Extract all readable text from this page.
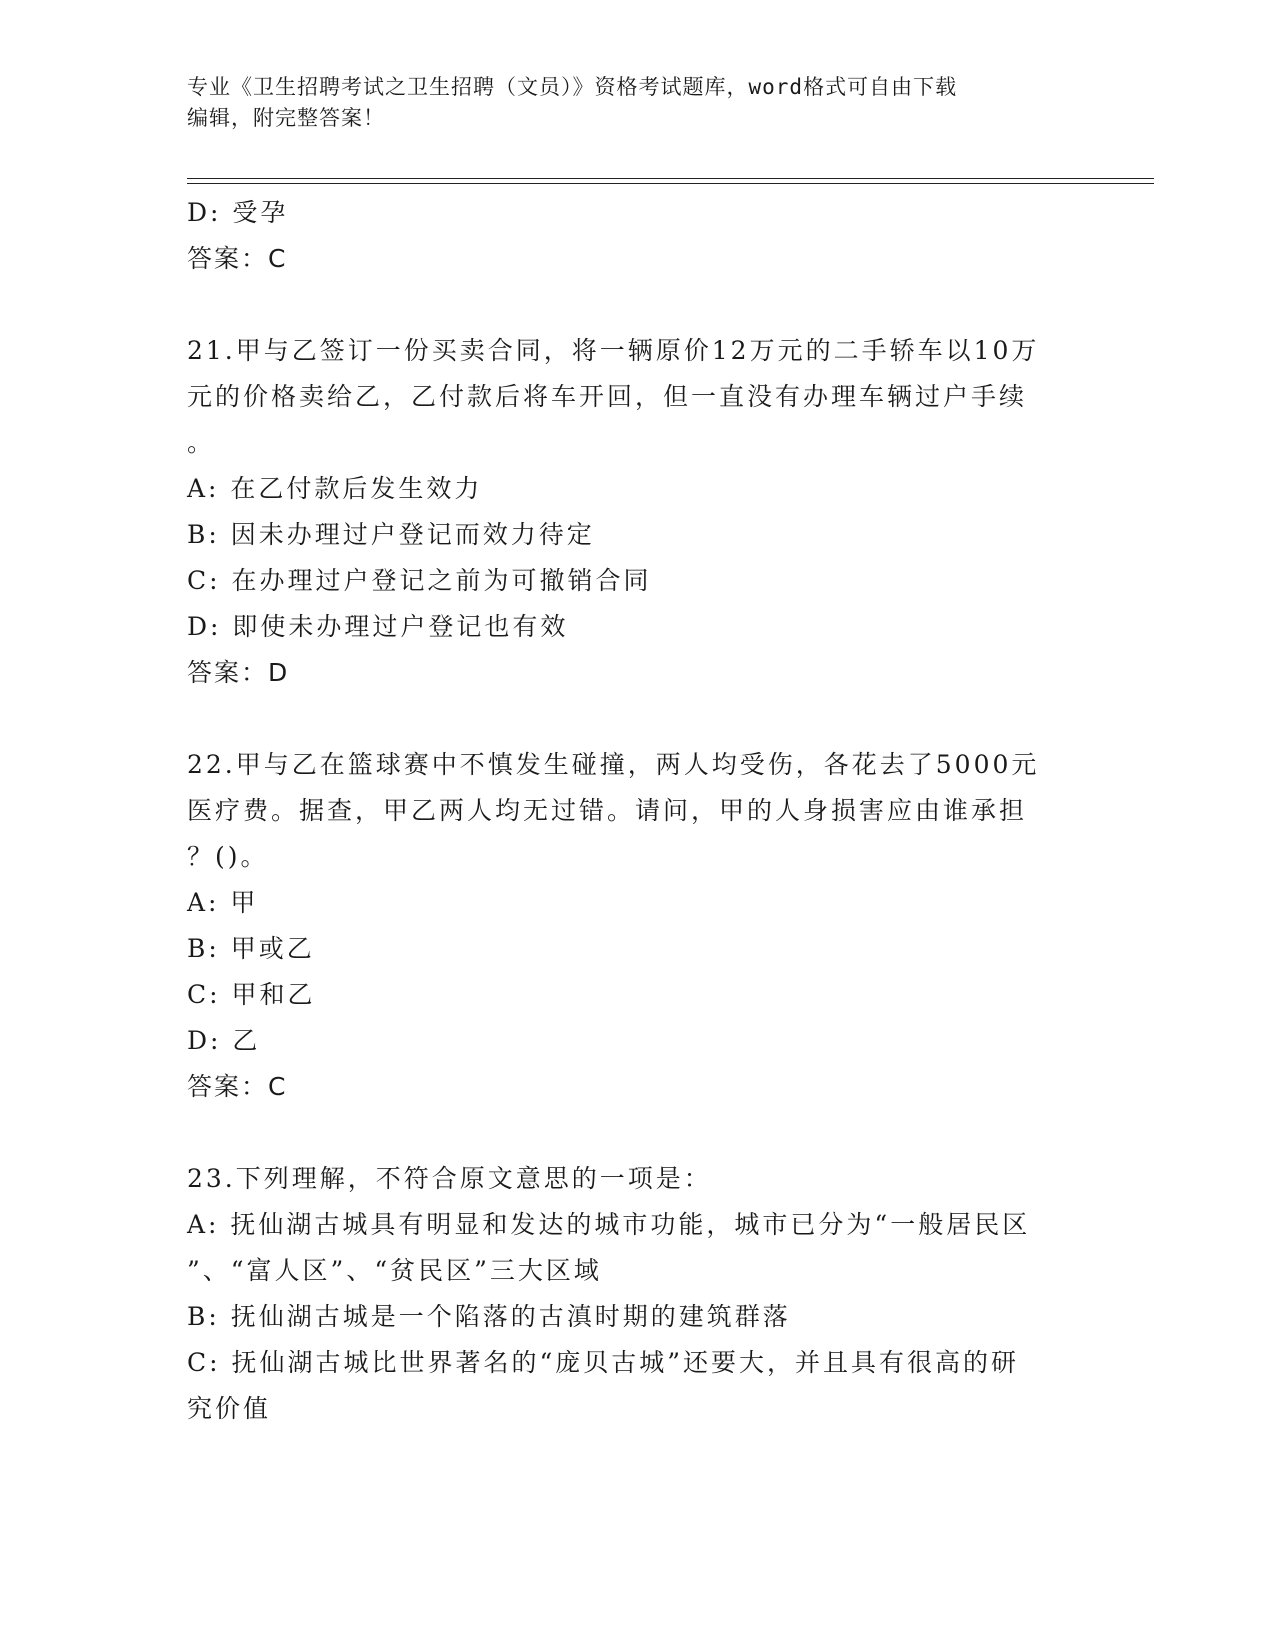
专业《卫生招聘考试之卫生招聘（文员）》资格考试题库，word格式可自由下载
编辑，附完整答案！
D: 受孕
答案：C
21.甲与乙签订一份买卖合同，将一辆原价12万元的二手轿车以10万
元的价格卖给乙，乙付款后将车开回，但一直没有办理车辆过户手续
。
A: 在乙付款后发生效力
B: 因未办理过户登记而效力待定
C: 在办理过户登记之前为可撤销合同
D: 即使未办理过户登记也有效
答案：D
22.甲与乙在篮球赛中不慎发生碰撞，两人均受伤，各花去了5000元
医疗费。据查，甲乙两人均无过错。请问，甲的人身损害应由谁承担
？()。
A: 甲
B: 甲或乙
C: 甲和乙
D: 乙
答案：C
23.下列理解，不符合原文意思的一项是：
A: 抚仙湖古城具有明显和发达的城市功能，城市已分为“一般居民区
”、“富人区”、“贫民区”三大区域
B: 抚仙湖古城是一个陷落的古滇时期的建筑群落
C: 抚仙湖古城比世界著名的“庞贝古城”还要大，并且具有很高的研
究价值
